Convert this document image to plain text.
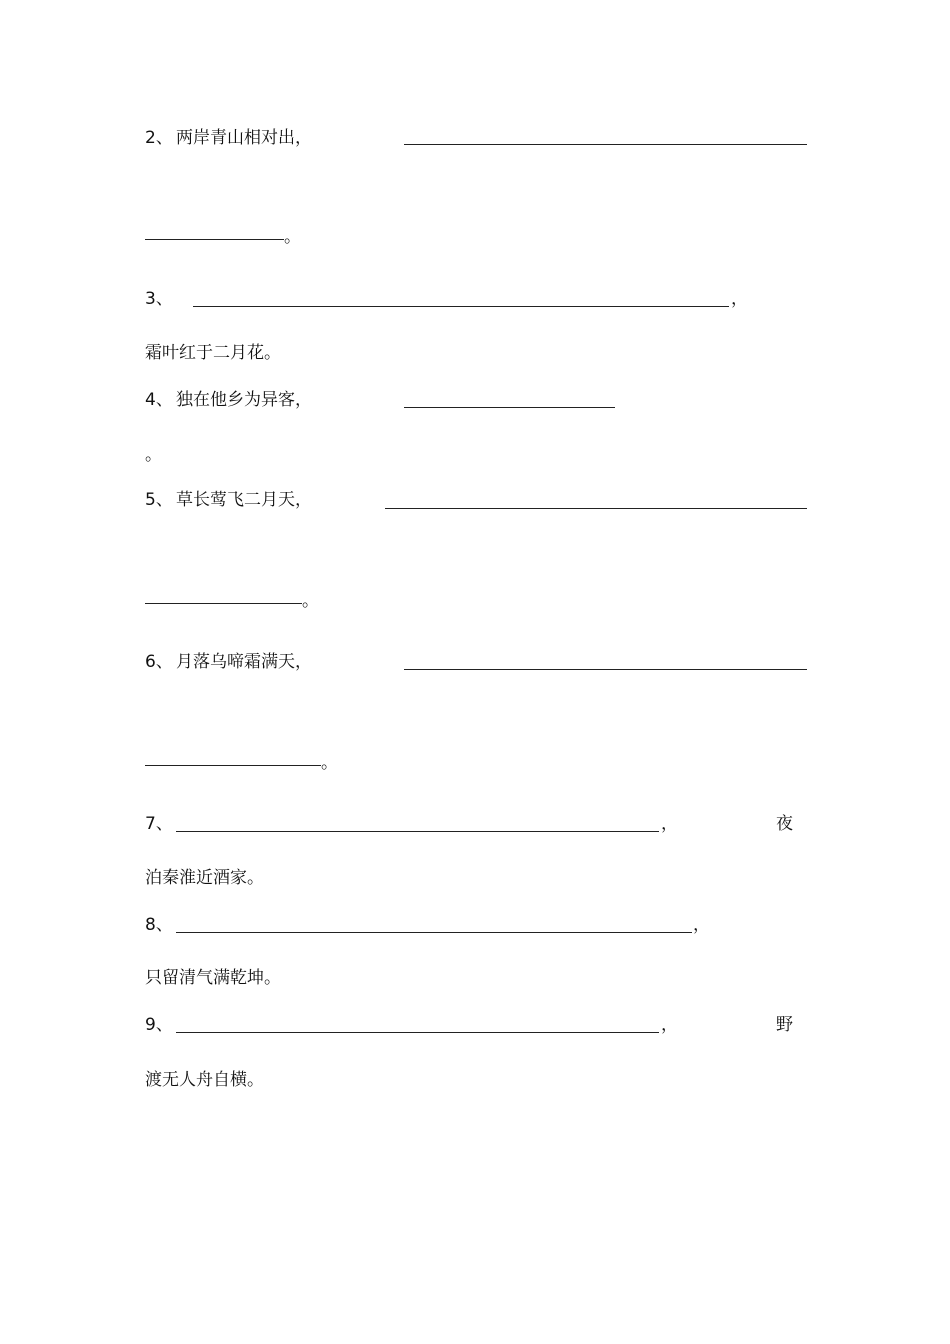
2、 两岸青山相对出，
。
3、	，
霜叶红于二月花。
4、 独在他乡为异客，
。
5、 草长莺飞二月天，
。
6、 月落乌啼霜满天，
。
7、	，	夜
泊秦淮近酒家。
8、	，
只留清气满乾坤。
9、	，	野
渡无人舟自横。
